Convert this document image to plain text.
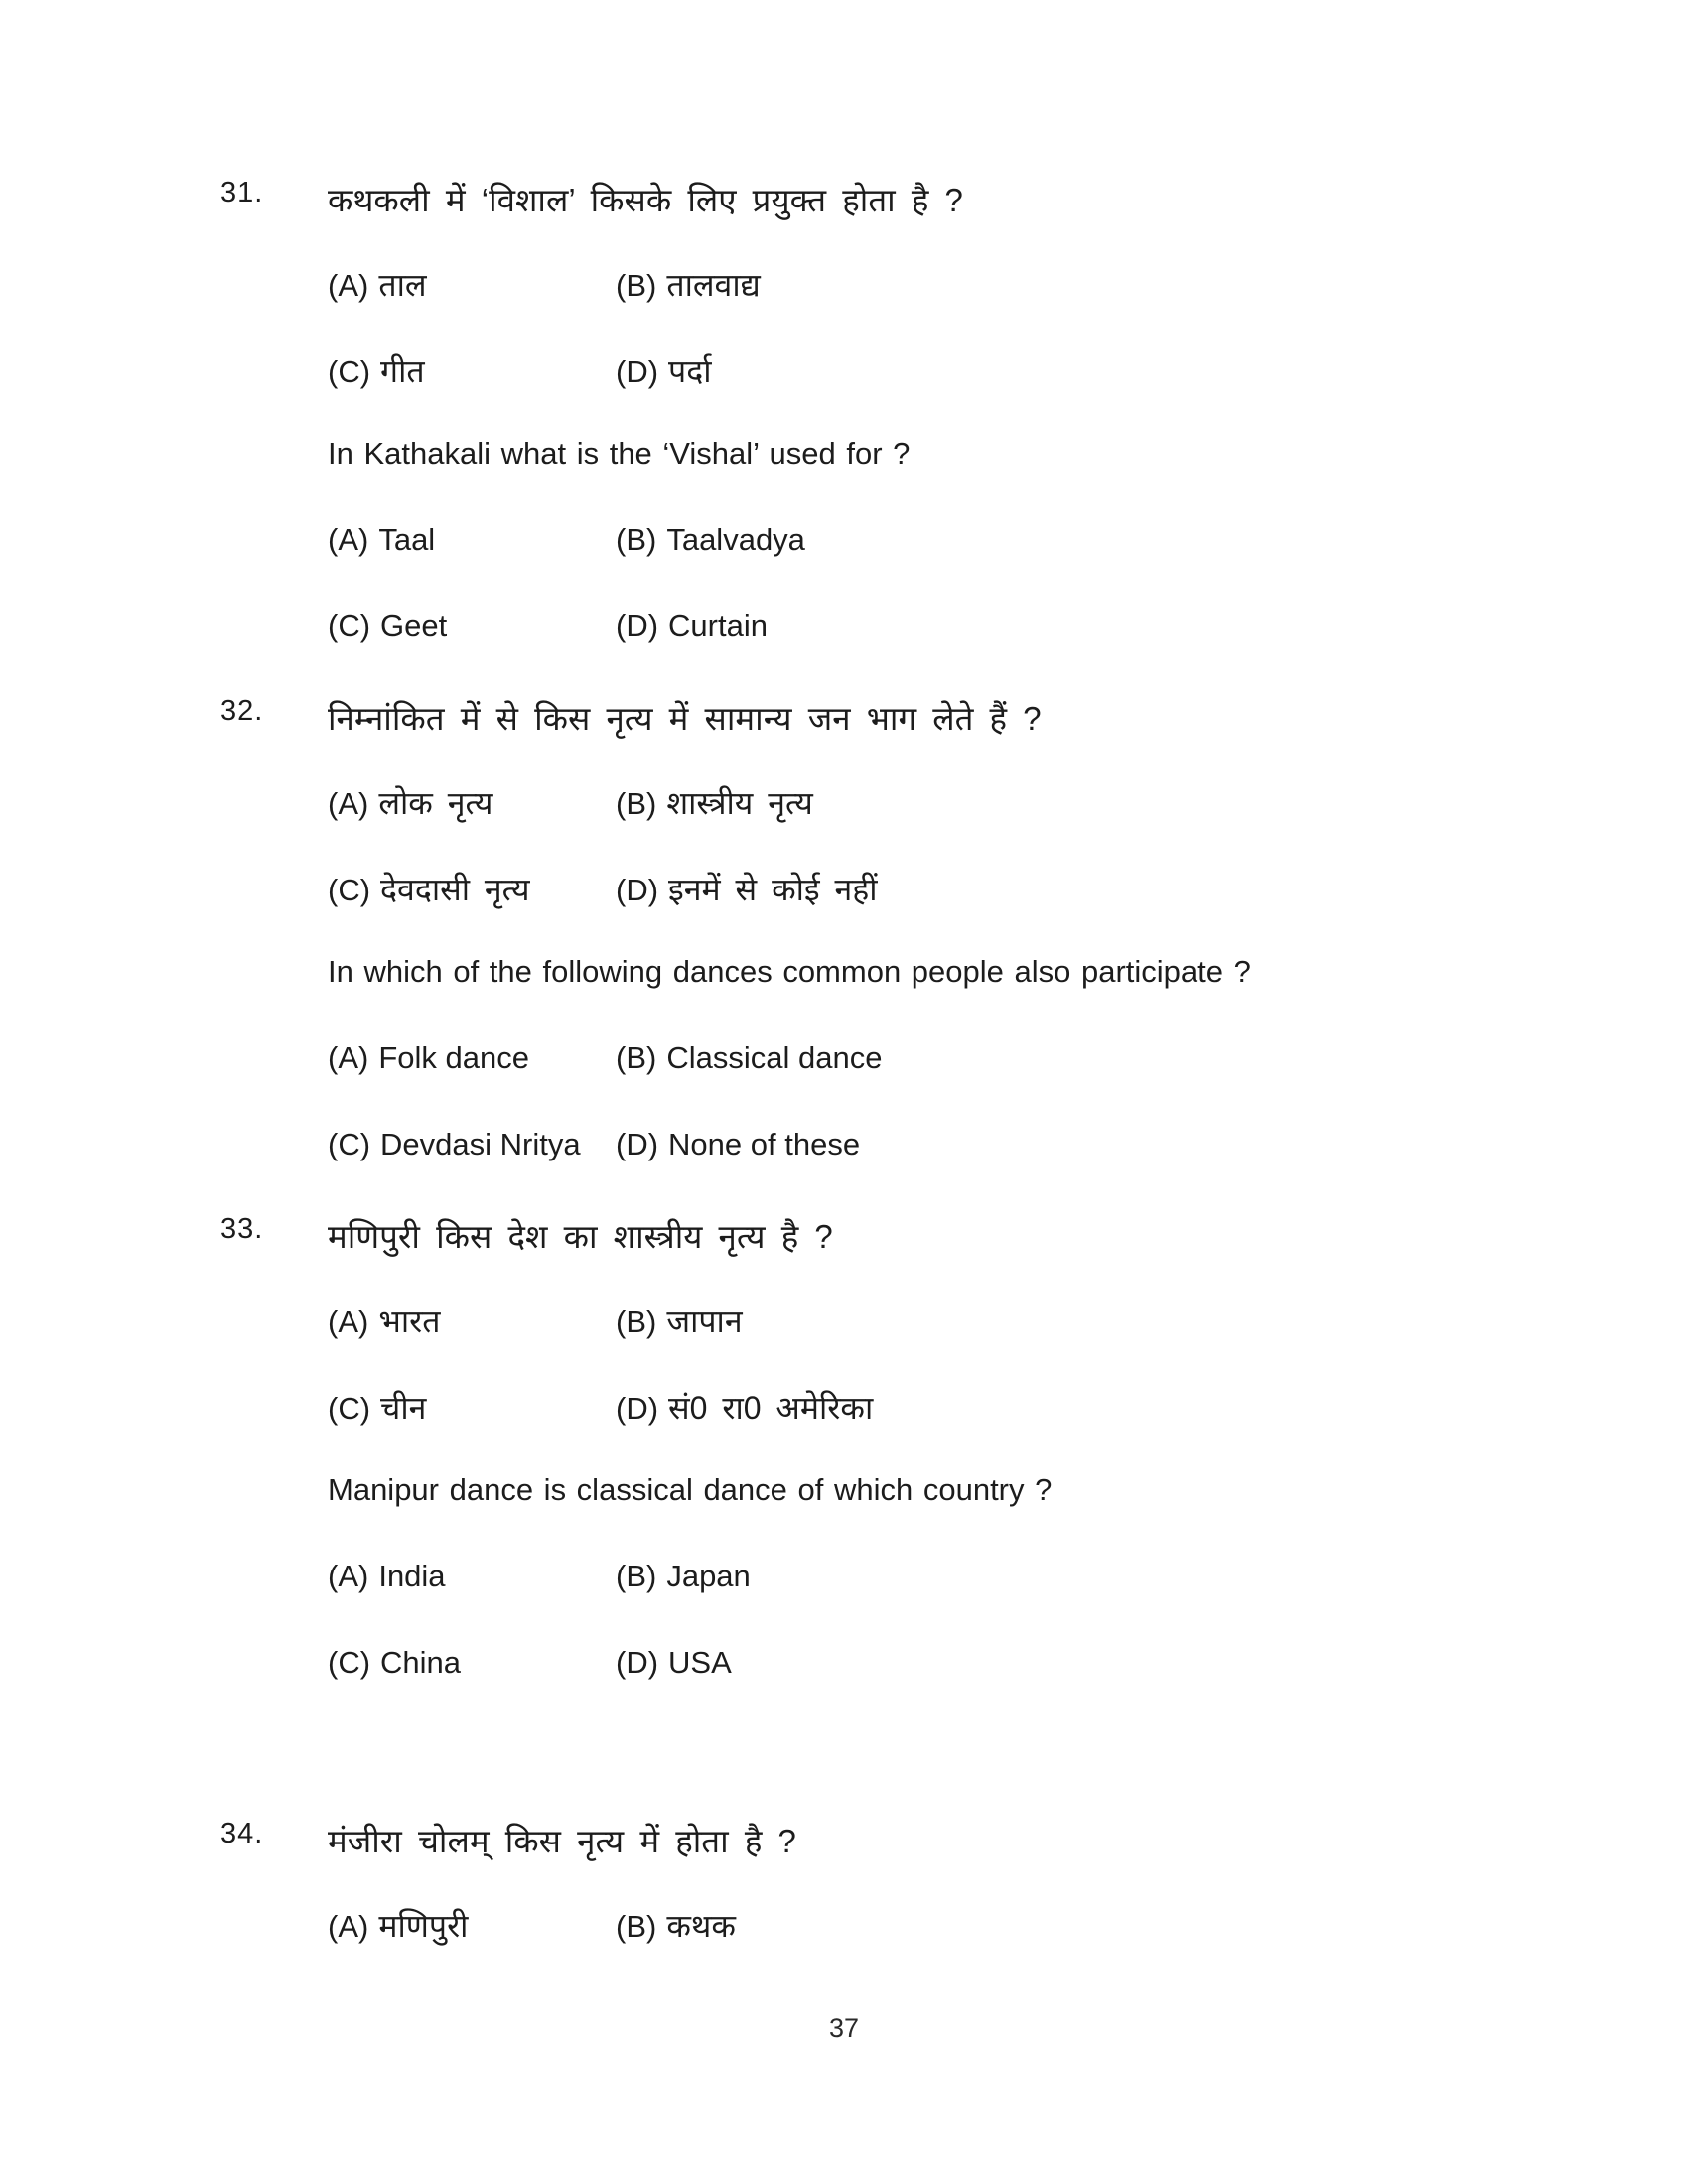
31. कथकली में ‘विशाल’ किसके लिए प्रयुक्त होता है ?
(A) ताल	(B) तालवाद्य
(C) गीत	(D) पर्दा
In Kathakali what is the ‘Vishal’ used for ?
(A) Taal	(B) Taalvadya
(C) Geet	(D) Curtain
32. निम्नांकित में से किस नृत्य में सामान्य जन भाग लेते हैं ?
(A) लोक नृत्य	(B) शास्त्रीय नृत्य
(C) देवदासी नृत्य	(D) इनमें से कोई नहीं
In which of the following dances common people also participate ?
(A) Folk dance	(B) Classical dance
(C) Devdasi Nritya	(D) None of these
33. मणिपुरी किस देश का शास्त्रीय नृत्य है ?
(A) भारत	(B) जापान
(C) चीन	(D) सं0 रा0 अमेरिका
Manipur dance is classical dance of which country ?
(A) India	(B) Japan
(C) China	(D) USA
34. मंजीरा चोलम् किस नृत्य में होता है ?
(A) मणिपुरी	(B) कथक
37
